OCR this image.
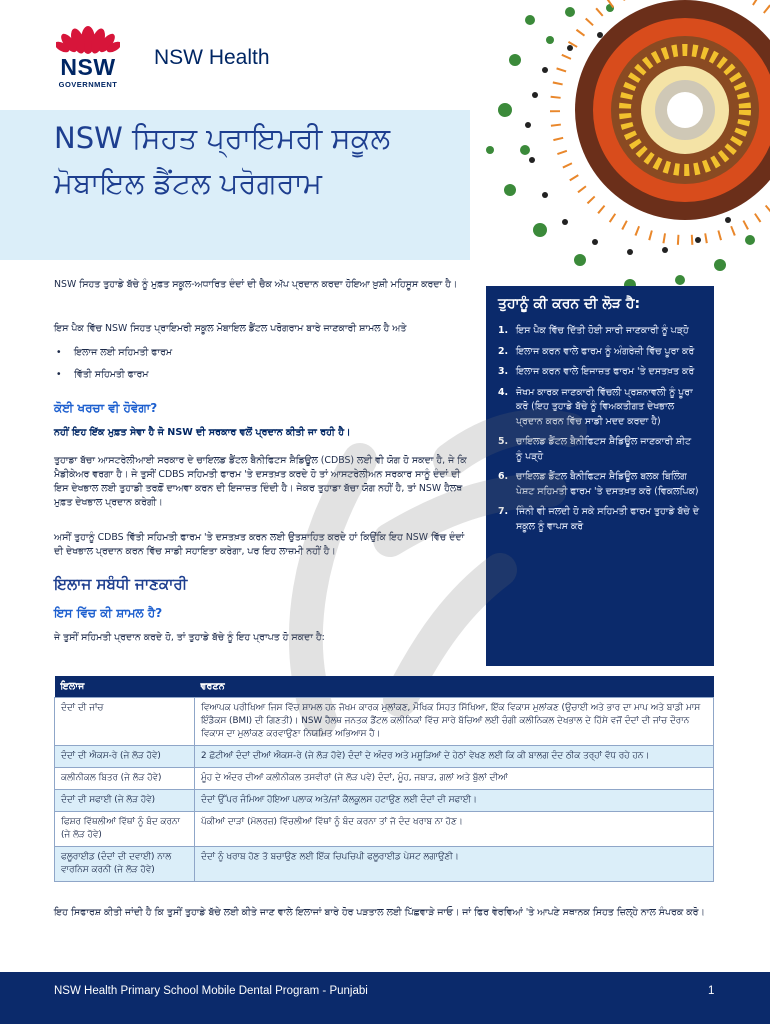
NSW
GOVERNMENT
NSW Health
NSW ਸਿਹਤ ਪ੍ਰਾਇਮਰੀ ਸਕੂਲ ਮੋਬਾਇਲ ਡੈਂਟਲ ਪਰੋਗਰਾਮ

NSW ਸਿਹਤ ਤੁਹਾਡੇ ਬੱਚੇ ਨੂੰ ਮੁਫ਼ਤ ਸਕੂਲ-ਅਧਾਰਿਤ ਦੰਦਾਂ ਦੀ ਚੈਕ ਅੱਪ ਪ੍ਰਦਾਨ ਕਰਦਾ ਹੋਇਆ ਖ਼ੁਸ਼ੀ ਮਹਿਸੂਸ ਕਰਦਾ ਹੈ।

ਇਸ ਪੈਕ ਵਿੱਚ NSW ਸਿਹਤ ਪ੍ਰਾਇਮਰੀ ਸਕੂਲ ਮੋਬਾਇਲ ਡੈਂਟਲ ਪਰੋਗਰਾਮ ਬਾਰੇ ਜਾਣਕਾਰੀ ਸ਼ਾਮਲ ਹੈ ਅਤੇ

• ਇਲਾਜ ਲਈ ਸਹਿਮਤੀ ਫਾਰਮ
• ਵਿੱਤੀ ਸਹਿਮਤੀ ਫਾਰਮ
ਕੋਈ ਖਰਚਾ ਵੀ ਹੋਵੇਗਾ?
ਨਹੀਂ ਇਹ ਇੱਕ ਮੁਫ਼ਤ ਸੇਵਾ ਹੈ ਜੋ NSW ਦੀ ਸਰਕਾਰ ਵਲੋਂ ਪ੍ਰਦਾਨ ਕੀਤੀ ਜਾ ਰਹੀ ਹੈ।

ਤੁਹਾਡਾ ਬੱਚਾ ਆਸਟਰੇਲੀਆਈ ਸਰਕਾਰ ਦੇ ਚਾਇਲਡ ਡੈਂਟਲ ਬੈਨੀਫਿਟਸ ਸ਼ੈਡਿਊਲ (CDBS) ਲਈ ਵੀ ਯੋਗ ਹੋ ਸਕਦਾ ਹੈ, ਜੇ ਕਿ ਮੈਡੀਕੇਅਰ ਵਰਗਾ ਹੈ। ਜੇ ਤੁਸੀਂ CDBS ਸਹਿਮਤੀ ਫਾਰਮ 'ਤੇ ਦਸਤਖ਼ਤ ਕਰਦੇ ਹੋ ਤਾਂ ਆਸਟਰੇਲੀਅਨ ਸਰਕਾਰ ਸਾਨੂੰ ਦੰਦਾਂ ਦੀ ਇਸ ਦੇਖਭਾਲ ਲਈ ਤੁਹਾਡੀ ਤਰਫ਼ੋਂ ਦਾਅਵਾ ਕਰਨ ਦੀ ਇਜਾਜ਼ਤ ਦਿੰਦੀ ਹੈ। ਜੇਕਰ ਤੁਹਾਡਾ ਬੱਚਾ ਯੋਗ ਨਹੀਂ ਹੈ, ਤਾਂ NSW ਹੈਲਥ ਮੁਫ਼ਤ ਦੇਖਭਾਲ ਪ੍ਰਦਾਨ ਕਰੇਗੀ।

ਅਸੀਂ ਤੁਹਾਨੂੰ CDBS ਵਿੱਤੀ ਸਹਿਮਤੀ ਫਾਰਮ 'ਤੇ ਦਸਤਖ਼ਤ ਕਰਨ ਲਈ ਉਤਸ਼ਾਹਿਤ ਕਰਦੇ ਹਾਂ ਕਿਉਂਕਿ ਇਹ NSW ਵਿੱਚ ਦੰਦਾਂ ਦੀ ਦੇਖਭਾਲ ਪ੍ਰਦਾਨ ਕਰਨ ਵਿੱਚ ਸਾਡੀ ਸਹਾਇਤਾ ਕਰੇਗਾ, ਪਰ ਇਹ ਲਾਜ਼ਮੀ ਨਹੀਂ ਹੈ।

ਇਲਾਜ ਸਬੰਧੀ ਜਾਣਕਾਰੀ
ਇਸ ਵਿੱਚ ਕੀ ਸ਼ਾਮਲ ਹੈ?

ਜੇ ਤੁਸੀਂ ਸਹਿਮਤੀ ਪ੍ਰਦਾਨ ਕਰਦੇ ਹੋ, ਤਾਂ ਤੁਹਾਡੇ ਬੱਚੇ ਨੂੰ ਇਹ ਪ੍ਰਾਪਤ ਹੋ ਸਕਦਾ ਹੈ:

ਤੁਹਾਨੂੰ ਕੀ ਕਰਨ ਦੀ ਲੋੜ ਹੈ:
1. ਇਸ ਪੈਕ ਵਿੱਚ ਦਿੱਤੀ ਹੋਈ ਸਾਰੀ ਜਾਣਕਾਰੀ ਨੂੰ ਪੜ੍ਹੋ
2. ਇਲਾਜ ਕਰਨ ਵਾਲੇ ਫਾਰਮ ਨੂੰ ਅੰਗਰੇਜ਼ੀ ਵਿੱਚ ਪੂਰਾ ਕਰੋ
3. ਇਲਾਜ ਕਰਨ ਵਾਲੇ ਇਜਾਜ਼ਤ ਫਾਰਮ 'ਤੇ ਦਸਤਖ਼ਤ ਕਰੋ
4. ਜੋਖਮ ਕਾਰਕ ਜਾਣਕਾਰੀ ਵਿੱਚਲੀ ਪ੍ਰਸ਼ਨਾਵਲੀ ਨੂੰ ਪੂਰਾ ਕਰੋ (ਇਹ ਤੁਹਾਡੇ ਬੱਚੇ ਨੂੰ ਵਿਅਕਤੀਗਤ ਦੇਖਭਾਲ ਪ੍ਰਦਾਨ ਕਰਨ ਵਿੱਚ ਸਾਡੀ ਮਦਦ ਕਰਦਾ ਹੈ)
5. ਚਾਇਲਡ ਡੈਂਟਲ ਬੈਨੀਫਿਟਸ ਸ਼ੈਡਿਊਲ ਜਾਣਕਾਰੀ ਸ਼ੀਟ ਨੂੰ ਪੜ੍ਹੋ
6. ਚਾਇਲਡ ਡੈਂਟਲ ਬੈਨੀਫਿਟਸ ਸ਼ੈਡਿਊਲ ਬਲਕ ਬਿਲਿੰਗ ਪੇਸ਼ਟ ਸਹਿਮਤੀ ਫਾਰਮ 'ਤੇ ਦਸਤਖ਼ਤ ਕਰੋ (ਵਿਕਲਪਿਕ)
7. ਜਿੰਨੀ ਵੀ ਜਲਦੀ ਹੋ ਸਕੇ ਸਹਿਮਤੀ ਫਾਰਮ ਤੁਹਾਡੇ ਬੱਚੇ ਦੇ ਸਕੂਲ ਨੂੰ ਵਾਪਸ ਕਰੋ
ਇਲਾਜ	ਵਰਣਨ
ਦੰਦਾਂ ਦੀ ਜਾਂਚ	ਵਿਆਪਕ ਪਰੀਖਿਆ ਜਿਸ ਵਿੱਚ ਸ਼ਾਮਲ ਹਨ ਜੋਖਮ ਕਾਰਕ ਮੁਲਾਂਕਣ, ਮੌਖਿਕ ਸਿਹਤ ਸਿੱਖਿਆ, ਇੱਕ ਵਿਕਾਸ ਮੁਲਾਂਕਣ (ਉਚਾਈ ਅਤੇ ਭਾਰ ਦਾ ਮਾਪ ਅਤੇ ਬਾਡੀ ਮਾਸ ਇੰਡੈਕਸ (BMI) ਦੀ ਗਿਣਤੀ)। NSW ਹੈਲਥ ਜਨਤਕ ਡੈਂਟਲ ਕਲੀਨਿਕਾਂ ਵਿੱਚ ਸਾਰੇ ਬੱਚਿਆਂ ਲਈ ਚੰਗੀ ਕਲੀਨਿਕਲ ਦੇਖਭਾਲ ਦੇ ਹਿੱਸੇ ਵਜੋਂ ਦੰਦਾਂ ਦੀ ਜਾਂਚ ਦੌਰਾਨ ਵਿਕਾਸ ਦਾ ਮੁਲਾਂਕਣ ਕਰਵਾਉਣਾ ਨਿਯਮਿਤ ਅਭਿਆਸ ਹੈ।
ਦੰਦਾਂ ਦੀ ਐਕਸ-ਰੇ (ਜੇ ਲੋੜ ਹੋਵੇ)	2 ਛੋਟੀਆਂ ਦੰਦਾਂ ਦੀਆਂ ਐਕਸ-ਰੇ (ਜੇ ਲੋੜ ਹੋਵੇ) ਦੰਦਾਂ ਦੇ ਅੰਦਰ ਅਤੇ ਮਸੂੜਿਆਂ ਦੇ ਹੇਠਾਂ ਵੇਖਣ ਲਈ ਕਿ ਕੀ ਬਾਲਗ ਦੰਦ ਠੀਕ ਤਰ੍ਹਾਂ ਵੱਧ ਰਹੇ ਹਨ।
ਕਲੀਨੀਕਲ ਬਿਤਰ (ਜੇ ਲੋੜ ਹੋਵੇ)	ਮੂੰਹ ਦੇ ਅੰਦਰ ਦੀਆਂ ਕਲੀਨੀਕਲ ਤਸਵੀਰਾਂ (ਜੇ ਲੋੜ ਪਵੇ) ਦੰਦਾਂ, ਮੂੰਹ, ਜਬਾੜ, ਗਲਾਂ ਅਤੇ ਬੁੱਲਾਂ ਦੀਆਂ
ਦੰਦਾਂ ਦੀ ਸਫਾਈ (ਜੇ ਲੋੜ ਹੋਵੇ)	ਦੰਦਾਂ ਉੱਪਰ ਜੰਮਿਆ ਹੋਇਆ ਪਲਾਕ ਅਤੇ/ਜਾਂ ਕੈਲਕੂਲਸ ਹਟਾਉਣ ਲਈ ਦੰਦਾਂ ਦੀ ਸਫਾਈ।
ਫਿਸ਼ਰ ਵਿੱਥਲੀਆਂ ਵਿੱਥਾਂ ਨੂੰ ਬੰਦ ਕਰਨਾ (ਜੇ ਲੋੜ ਹੋਵੇ)	ਪੱਕੀਆਂ ਦਾੜਾਂ (ਮੋਲਰਜ਼) ਵਿੱਚਲੀਆਂ ਵਿੱਥਾਂ ਨੂੰ ਬੰਦ ਕਰਨਾ ਤਾਂ ਜੋ ਦੰਦ ਖਰਾਬ ਨਾ ਹੋਣ।
ਫਲੂਰਾਈਡ (ਦੰਦਾਂ ਦੀ ਦਵਾਈ) ਨਾਲ ਵਾਰਨਿਸ ਕਰਨੀ (ਜੇ ਲੋੜ ਹੋਵੇ)	ਦੰਦਾਂ ਨੂੰ ਖਰਾਬ ਹੋਣ ਤੋ ਬਚਾਉਣ ਲਈ ਇੱਕ ਚਿਪਚਿਪੀ ਫਲੂਰਾਈਡ ਪੇਸਟ ਲਗਾਉਣੀ।

ਇਹ ਸਿਫਾਰਸ਼ ਕੀਤੀ ਜਾਂਦੀ ਹੈ ਕਿ ਤੁਸੀਂ ਤੁਹਾਡੇ ਬੱਚੇ ਲਈ ਕੀਤੇ ਜਾਣ ਵਾਲੇ ਇਲਾਜਾਂ ਬਾਰੇ ਹੋਰ ਪੜਤਾਲ ਲਈ ਪਿੱਛਵਾੜੇ ਜਾਓ। ਜਾਂ ਫਿਰ ਵੇਰਵਿਆਂ 'ਤੇ ਆਪਣੇ ਸਥਾਨਕ ਸਿਹਤ ਜ਼ਿਲ੍ਹੇ ਨਾਲ ਸੰਪਰਕ ਕਰੋ।

NSW Health Primary School Mobile Dental Program - Punjabi	1
